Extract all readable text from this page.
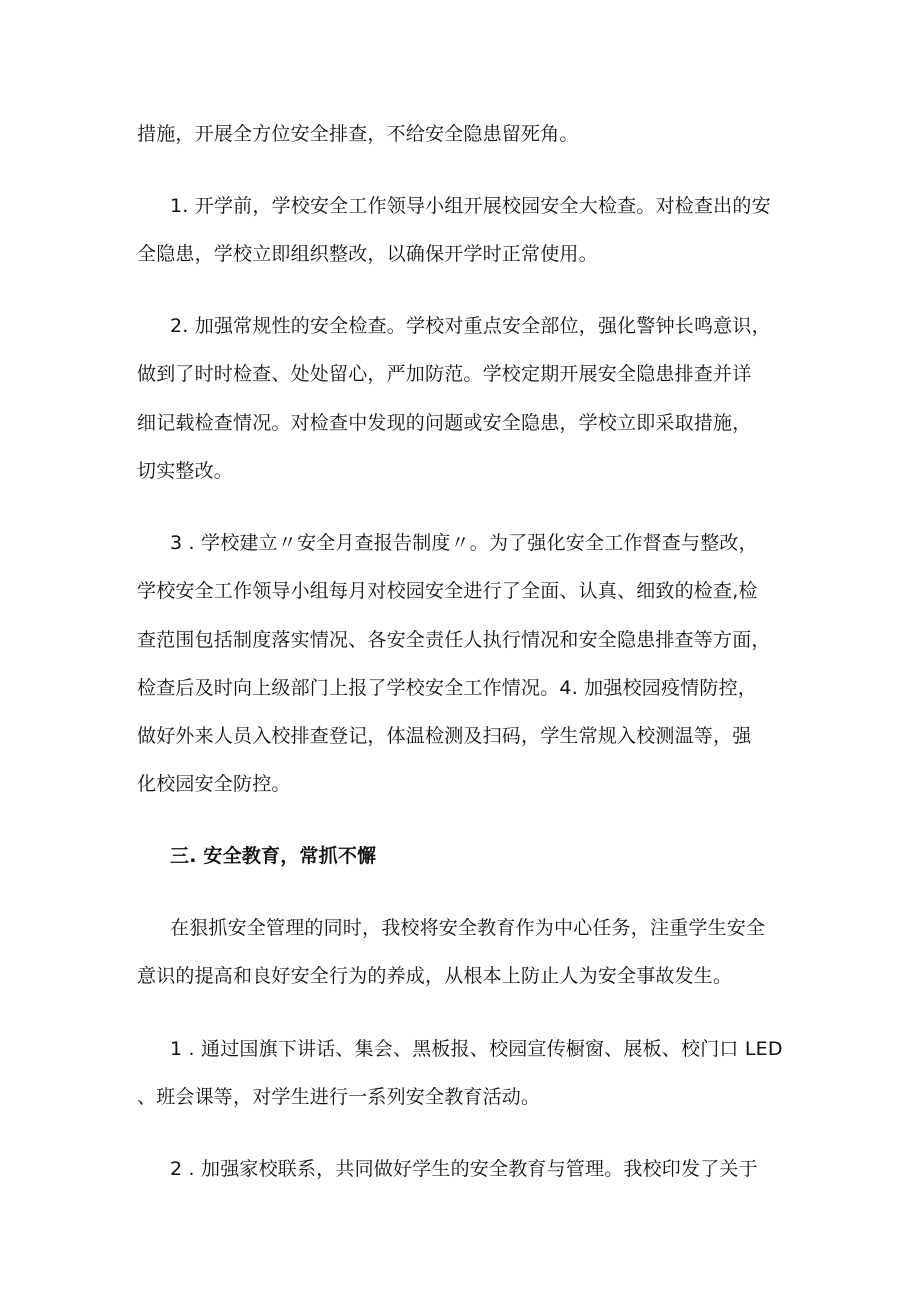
措施，开展全方位安全排查，不给安全隐患留死角。
1. 开学前，学校安全工作领导小组开展校园安全大检查。对检查出的安
全隐患，学校立即组织整改，以确保开学时正常使用。
2. 加强常规性的安全检查。学校对重点安全部位，强化警钟长鸣意识，
做到了时时检查、处处留心，严加防范。学校定期开展安全隐患排查并详
细记载检查情况。对检查中发现的问题或安全隐患，学校立即采取措施，
切实整改。
3 . 学校建立〃安全月查报告制度〃。为了强化安全工作督查与整改，
学校安全工作领导小组每月对校园安全进行了全面、认真、细致的检查,检
查范围包括制度落实情况、各安全责任人执行情况和安全隐患排查等方面，
检查后及时向上级部门上报了学校安全工作情况。4. 加强校园疫情防控，
做好外来人员入校排查登记，体温检测及扫码，学生常规入校测温等，强
化校园安全防控。
三. 安全教育，常抓不懈
在狠抓安全管理的同时，我校将安全教育作为中心任务，注重学生安全
意识的提高和良好安全行为的养成，从根本上防止人为安全事故发生。
1 . 通过国旗下讲话、集会、黑板报、校园宣传橱窗、展板、校门口 LED
、班会课等，对学生进行一系列安全教育活动。
2 . 加强家校联系，共同做好学生的安全教育与管理。我校印发了关于
